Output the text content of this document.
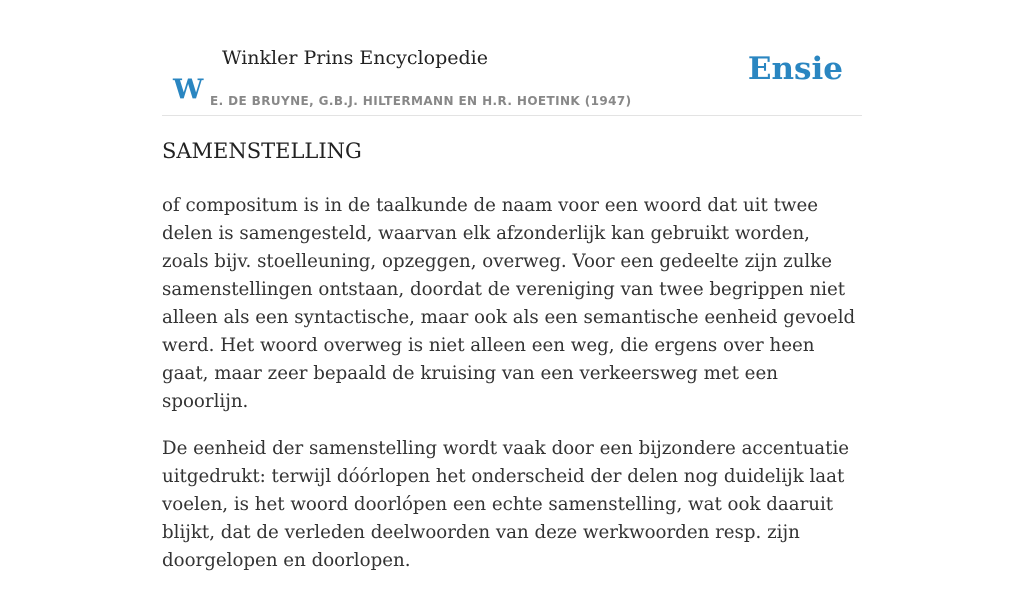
W
Winkler Prins Encyclopedie
E. DE BRUYNE, G.B.J. HILTERMANN EN H.R. HOETINK (1947)
Ensie
SAMENSTELLING

of compositum is in de taalkunde de naam voor een woord dat uit twee delen is samengesteld, waarvan elk afzonderlijk kan gebruikt worden, zoals bijv. stoelleuning, opzeggen, overweg. Voor een gedeelte zijn zulke samenstellingen ontstaan, doordat de vereniging van twee begrippen niet alleen als een syntactische, maar ook als een semantische eenheid gevoeld werd. Het woord overweg is niet alleen een weg, die ergens over heen gaat, maar zeer bepaald de kruising van een verkeersweg met een spoorlijn.

De eenheid der samenstelling wordt vaak door een bijzondere accentuatie uitgedrukt: terwijl dóórlopen het onderscheid der delen nog duidelijk laat voelen, is het woord doorlópen een echte samenstelling, wat ook daaruit blijkt, dat de verleden deelwoorden van deze werkwoorden resp. zijn doorgelopen en doorlopen.
